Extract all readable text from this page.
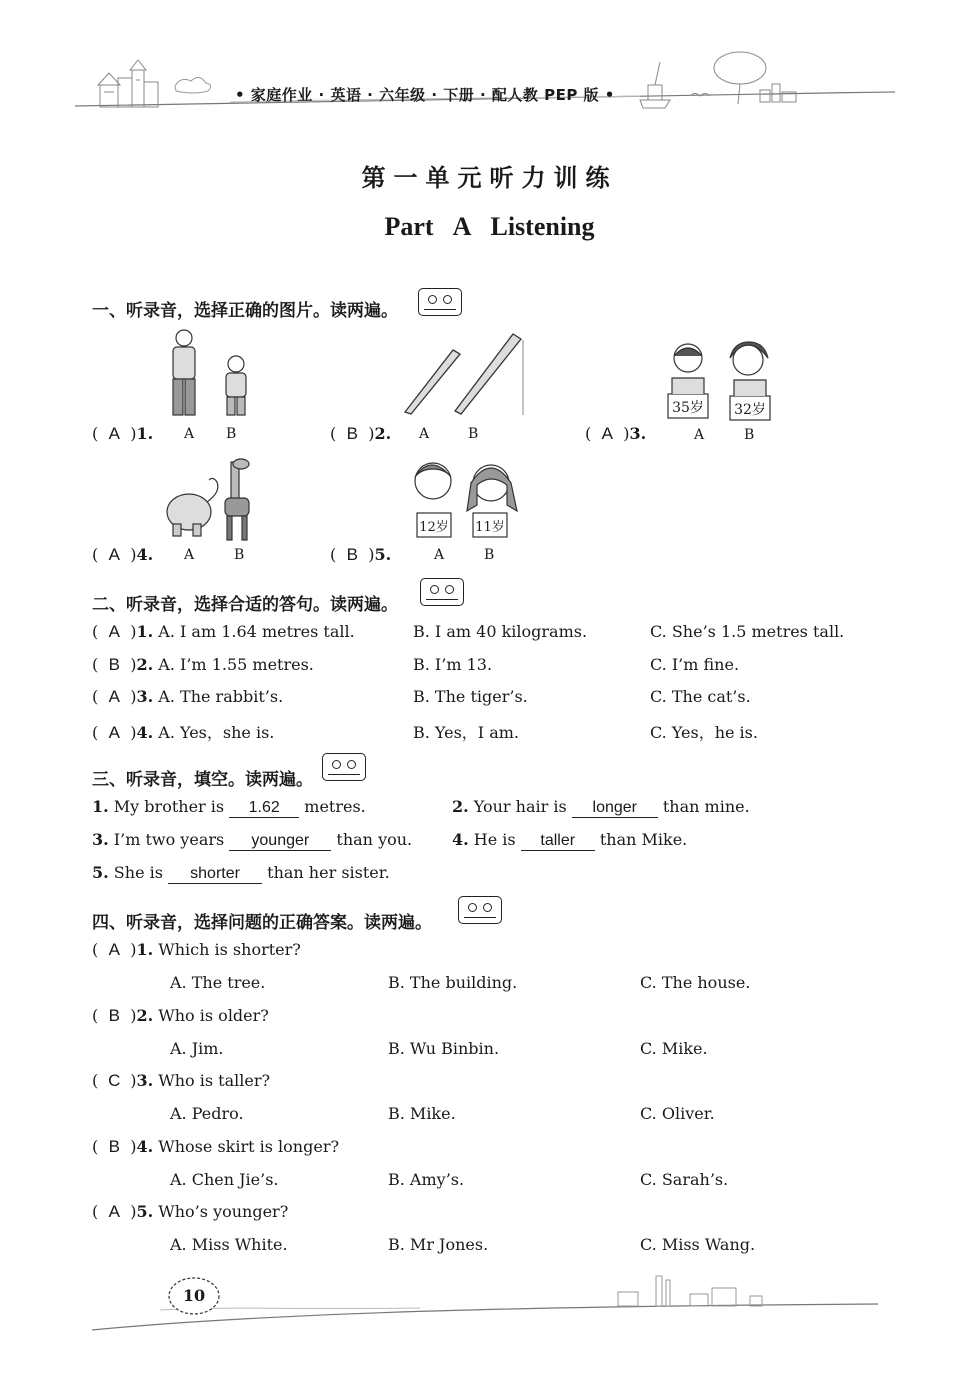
• 家庭作业 · 英语 · 六年级 · 下册 · 配人教 PEP 版 •
第一单元听力训练
Part A Listening
一、听录音，选择正确的图片。读两遍。
35岁 32岁
( A )1. A B	( B )2. A	B	( A )3.	A	B
12岁 11岁
( A )4. A	B	( B )5.	A	B
二、听录音，选择合适的答句。读两遍。
( A )1. A. I am 1.64 metres tall.	B. I am 40 kilograms.	C. She’s 1.5 metres tall.
( B )2. A. I’m 1.55 metres.	B. I’m 13.	C. I’m fine.
( A )3. A. The rabbit’s.	B. The tiger’s.	C. The cat’s.
( A )4. A. Yes，she is.	B. Yes，I am.	C. Yes，he is.
三、听录音，填空。读两遍。
1. My brother is 1.62 metres.	2. Your hair is longer than mine.
3. I’m two years younger than you. 4. He is taller than Mike.
5. She is shorter than her sister.
四、听录音，选择问题的正确答案。读两遍。
( A )1. Which is shorter?
A. The tree.	B. The building.	C. The house.
( B )2. Who is older?
A. Jim.	B. Wu Binbin.	C. Mike.
( C )3. Who is taller?
A. Pedro.	B. Mike.	C. Oliver.
( B )4. Whose skirt is longer?
A. Chen Jie’s.	B. Amy’s.	C. Sarah’s.
( A )5. Who’s younger?
A. Miss White.	B. Mr Jones.	C. Miss Wang.
10
